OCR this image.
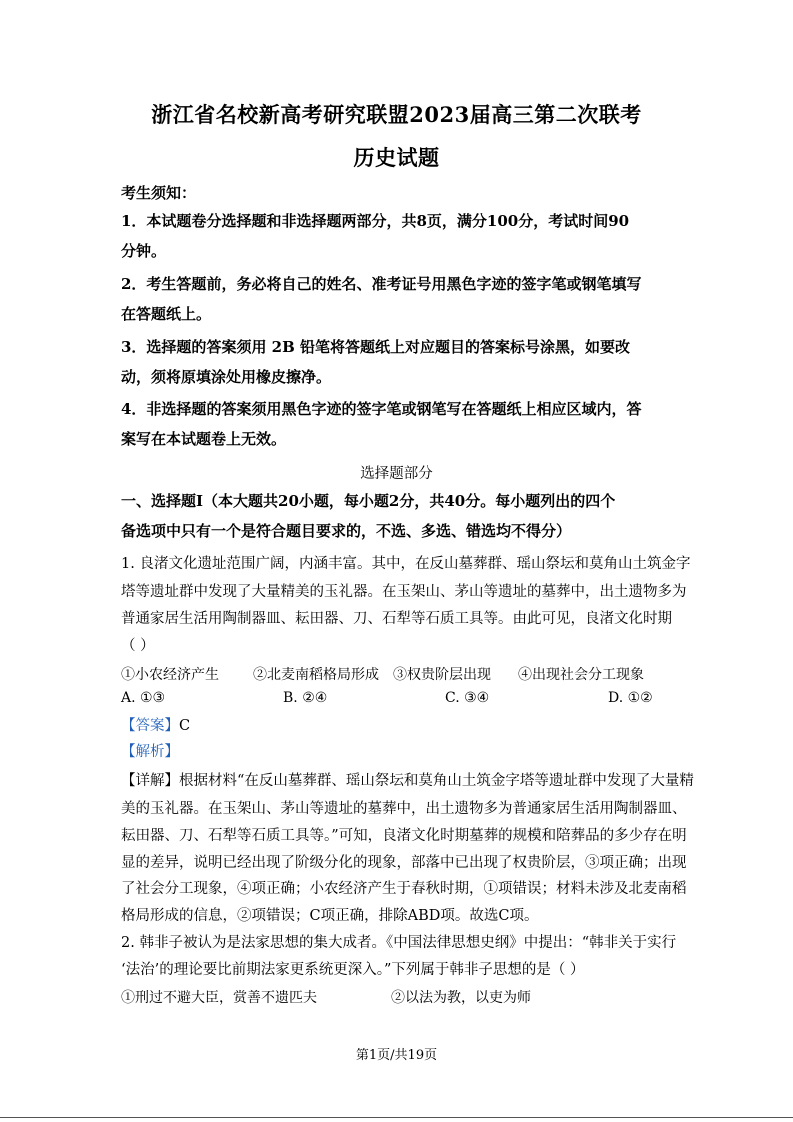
浙江省名校新高考研究联盟2023届高三第二次联考
历史试题
考生须知：
1．本试题卷分选择题和非选择题两部分，共8页，满分100分，考试时间90
分钟。
2．考生答题前，务必将自己的姓名、准考证号用黑色字迹的签字笔或钢笔填写
在答题纸上。
3．选择题的答案须用 2B 铅笔将答题纸上对应题目的答案标号涂黑，如要改
动，须将原填涂处用橡皮擦净。
4．非选择题的答案须用黑色字迹的签字笔或钢笔写在答题纸上相应区域内，答
案写在本试题卷上无效。
选择题部分
一、选择题Ⅰ（本大题共20小题，每小题2分，共40分。每小题列出的四个
备选项中只有一个是符合题目要求的，不选、多选、错选均不得分）
1. 良渚文化遗址范围广阔，内涵丰富。其中，在反山墓葬群、瑶山祭坛和莫角山土筑金字
塔等遗址群中发现了大量精美的玉礼器。在玉架山、茅山等遗址的墓葬中，出土遗物多为
普通家居生活用陶制器皿、耘田器、刀、石犁等石质工具等。由此可见，良渚文化时期
（ ）
①小农经济产生 ②北麦南稻格局形成 ③权贵阶层出现 ④出现社会分工现象
A. ①③	B. ②④	C. ③④	D. ①②
【答案】C
【解析】
【详解】根据材料“在反山墓葬群、瑶山祭坛和莫角山土筑金字塔等遗址群中发现了大量精
美的玉礼器。在玉架山、茅山等遗址的墓葬中，出土遗物多为普通家居生活用陶制器皿、
耘田器、刀、石犁等石质工具等。”可知，良渚文化时期墓葬的规模和陪葬品的多少存在明
显的差异，说明已经出现了阶级分化的现象，部落中已出现了权贵阶层，③项正确；出现
了社会分工现象，④项正确；小农经济产生于春秋时期，①项错误；材料未涉及北麦南稻
格局形成的信息，②项错误；C项正确，排除ABD项。故选C项。
2. 韩非子被认为是法家思想的集大成者。《中国法律思想史纲》中提出：“韩非关于实行
‘法治’的理论要比前期法家更系统更深入。”下列属于韩非子思想的是（ ）
①刑过不避大臣，赏善不遗匹夫	②以法为教，以吏为师
第1页/共19页
